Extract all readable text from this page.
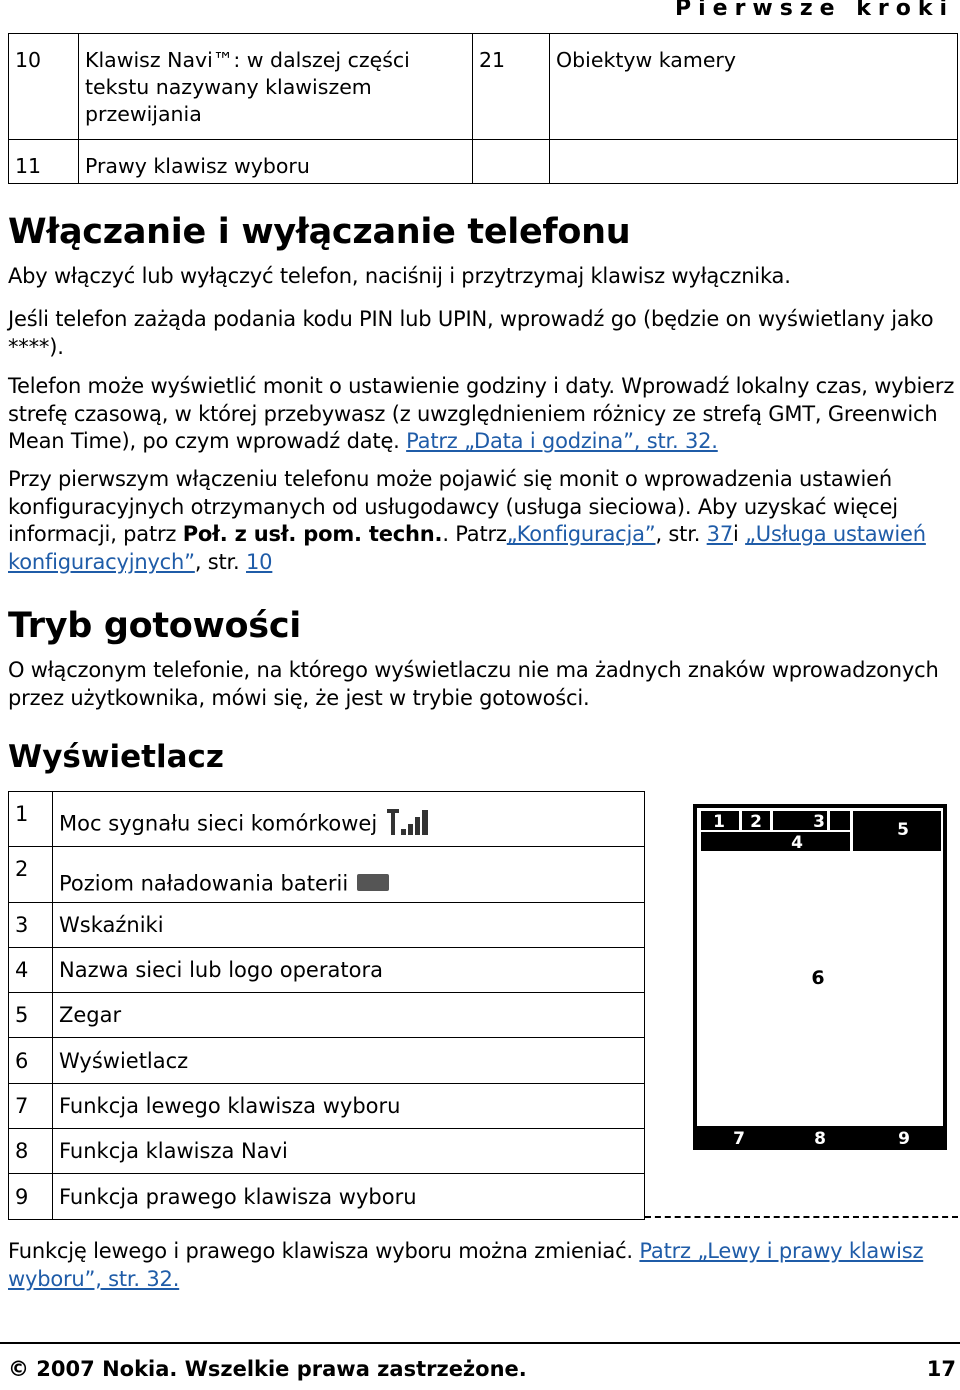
Pierwsze kroki
10	Klawisz Navi™: w dalszej części tekstu nazywany klawiszem przewijania	21	Obiektyw kamery
11	Prawy klawisz wyboru		
Włączanie i wyłączanie telefonu
Aby włączyć lub wyłączyć telefon, naciśnij i przytrzymaj klawisz wyłącznika.
Jeśli telefon zażąda podania kodu PIN lub UPIN, wprowadź go (będzie on wyświetlany jako ****).
Telefon może wyświetlić monit o ustawienie godziny i daty. Wprowadź lokalny czas, wybierz strefę czasową, w której przebywasz (z uwzględnieniem różnicy ze strefą GMT, Greenwich Mean Time), po czym wprowadź datę. Patrz „Data i godzina”, str. 32.
Przy pierwszym włączeniu telefonu może pojawić się monit o wprowadzenia ustawień konfiguracyjnych otrzymanych od usługodawcy (usługa sieciowa). Aby uzyskać więcej informacji, patrz Poł. z usł. pom. techn.. Patrz„Konfiguracja”, str. 37i „Usługa ustawień konfiguracyjnych”, str. 10
Tryb gotowości
O włączonym telefonie, na którego wyświetlaczu nie ma żadnych znaków wprowadzonych przez użytkownika, mówi się, że jest w trybie gotowości.
Wyświetlacz
1	Moc sygnału sieci komórkowej
2	Poziom naładowania baterii
3	Wskaźniki
4	Nazwa sieci lub logo operatora
5	Zegar
6	Wyświetlacz
7	Funkcja lewego klawisza wyboru
8	Funkcja klawisza Navi
9	Funkcja prawego klawisza wyboru
1 2	3
4
5
6
7	8	9
Funkcję lewego i prawego klawisza wyboru można zmieniać. Patrz „Lewy i prawy klawisz wyboru”, str. 32.
© 2007 Nokia. Wszelkie prawa zastrzeżone.	17
